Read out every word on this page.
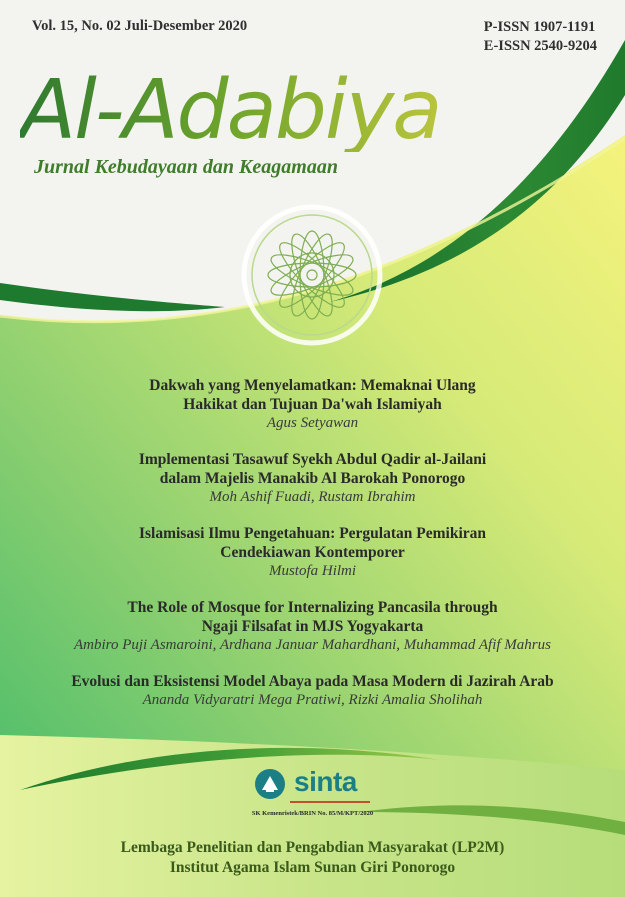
Vol. 15, No. 02 Juli-Desember 2020	P-ISSN 1907-1191
E-ISSN 2540-9204
Al-Adabiya
Jurnal Kebudayaan dan Keagamaan
Dakwah yang Menyelamatkan: Memaknai Ulang
Hakikat dan Tujuan Da'wah Islamiyah
Agus Setyawan
Implementasi Tasawuf Syekh Abdul Qadir al-Jailani
dalam Majelis Manakib Al Barokah Ponorogo
Moh Ashif Fuadi, Rustam Ibrahim
Islamisasi Ilmu Pengetahuan: Pergulatan Pemikiran
Cendekiawan Kontemporer
Mustofa Hilmi
The Role of Mosque for Internalizing Pancasila through
Ngaji Filsafat in MJS Yogyakarta
Ambiro Puji Asmaroini, Ardhana Januar Mahardhani, Muhammad Afif Mahrus
Evolusi dan Eksistensi Model Abaya pada Masa Modern di Jazirah Arab
Ananda Vidyaratri Mega Pratiwi, Rizki Amalia Sholihah
sinta
SK Kemenristek/BRIN No. 85/M/KPT/2020
Lembaga Penelitian dan Pengabdian Masyarakat (LP2M)
Institut Agama Islam Sunan Giri Ponorogo
